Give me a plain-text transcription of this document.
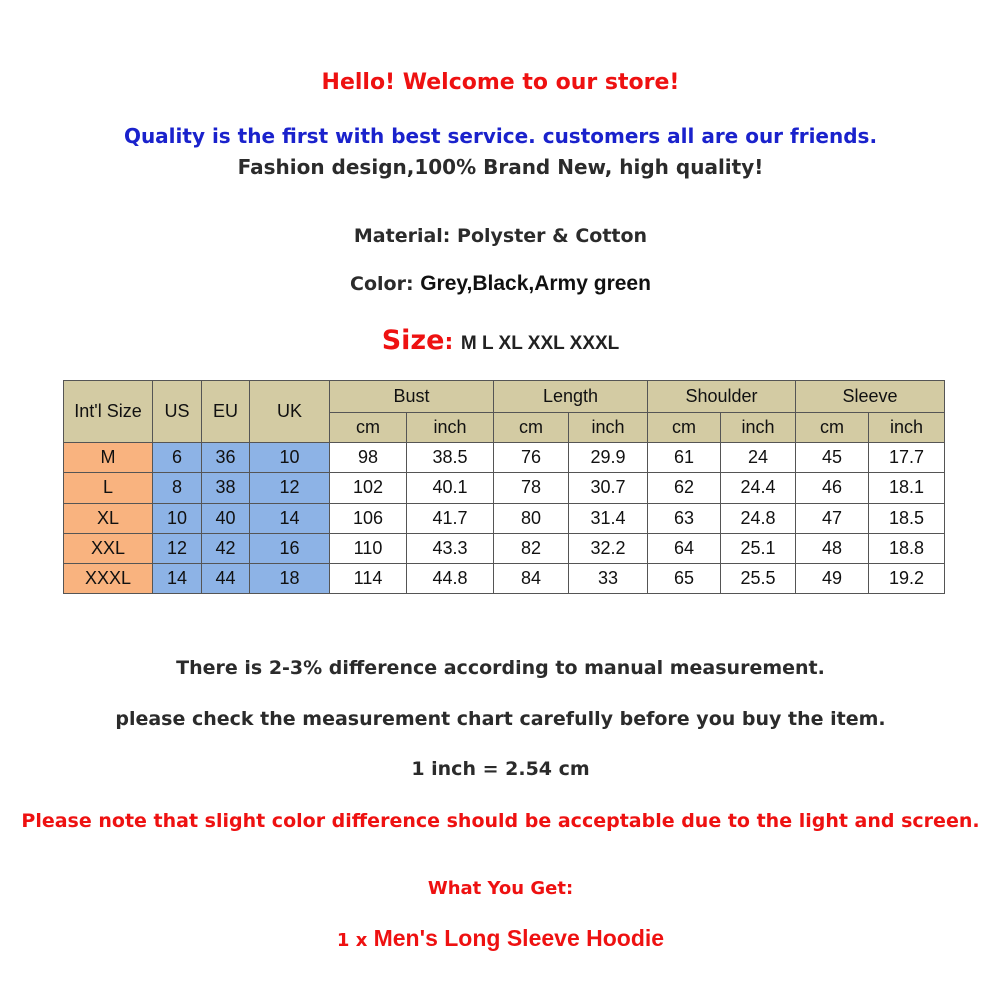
Hello! Welcome to our store!
Quality is the first with best service. customers all are our friends.
Fashion design,100% Brand New, high quality!
Material: Polyster & Cotton
Color: Grey,Black,Army green
Size: M L XL XXL XXXL
Int'l Size	US	EU	UK	Bust		Length		Shoulder		Sleeve	
				cm	inch	cm	inch	cm	inch	cm	inch
M	6	36	10	98	38.5	76	29.9	61	24	45	17.7
L	8	38	12	102	40.1	78	30.7	62	24.4	46	18.1
XL	10	40	14	106	41.7	80	31.4	63	24.8	47	18.5
XXL	12	42	16	110	43.3	82	32.2	64	25.1	48	18.8
XXXL	14	44	18	114	44.8	84	33	65	25.5	49	19.2
There is 2-3% difference according to manual measurement.
please check the measurement chart carefully before you buy the item.
1 inch = 2.54 cm
Please note that slight color difference should be acceptable due to the light and screen.
What You Get:
1 x Men's Long Sleeve Hoodie
